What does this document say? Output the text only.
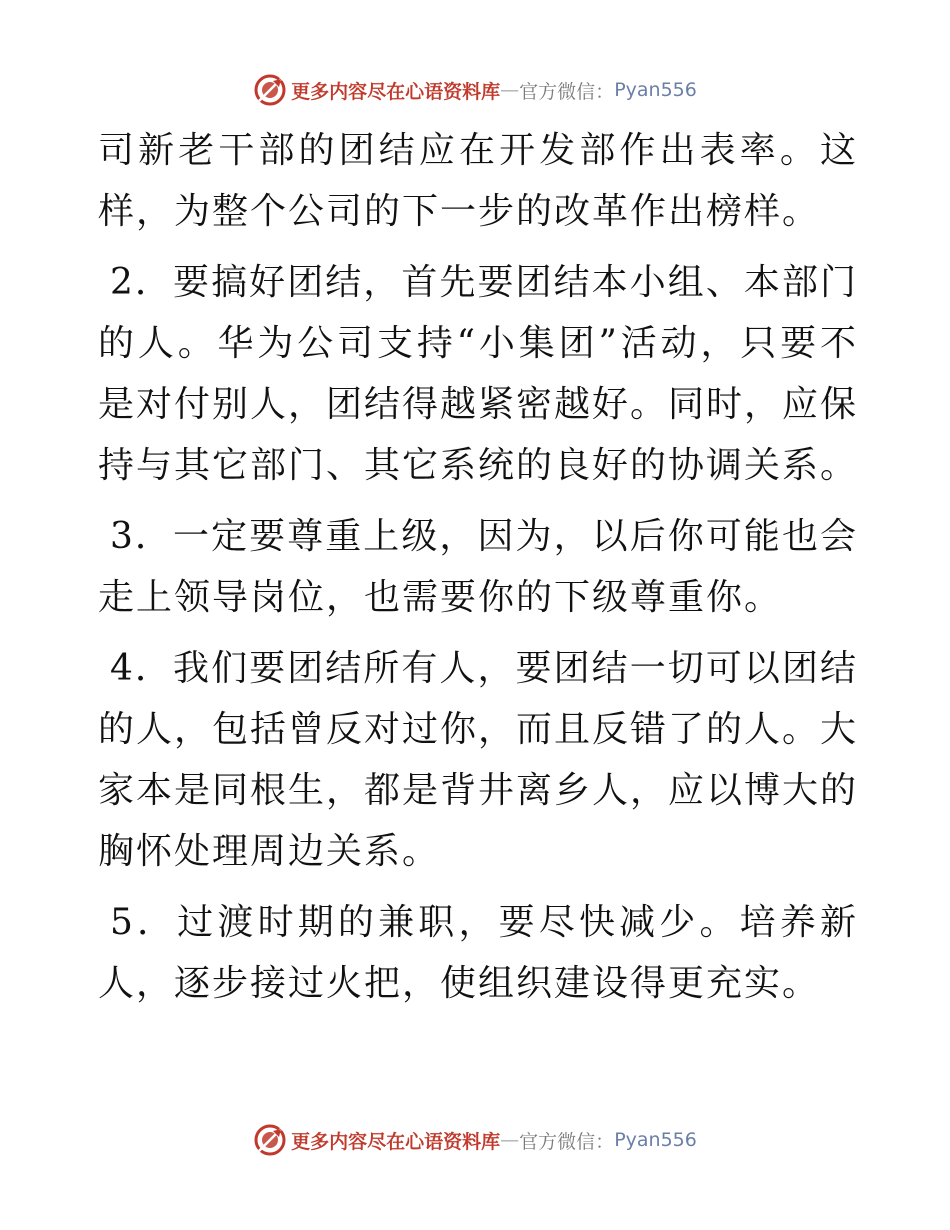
更多内容尽在心语资料库 — 官方微信： Pyan556

司新老干部的团结应在开发部作出表率。这样，为整个公司的下一步的改革作出榜样。

2．要搞好团结，首先要团结本小组、本部门的人。华为公司支持“小集团”活动，只要不是对付别人，团结得越紧密越好。同时，应保持与其它部门、其它系统的良好的协调关系。

3．一定要尊重上级，因为，以后你可能也会走上领导岗位，也需要你的下级尊重你。

4．我们要团结所有人，要团结一切可以团结的人，包括曾反对过你，而且反错了的人。大家本是同根生，都是背井离乡人，应以博大的胸怀处理周边关系。

5．过渡时期的兼职，要尽快减少。培养新人，逐步接过火把，使组织建设得更充实。

更多内容尽在心语资料库 — 官方微信： Pyan556
